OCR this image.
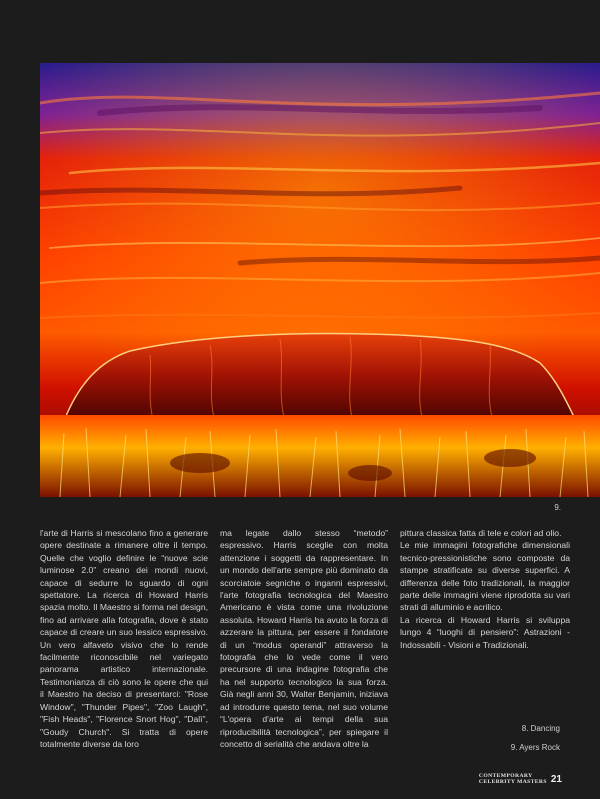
9.

l'arte di Harris si mescolano fino a generare opere destinate a rimanere oltre il tempo. Quelle che voglio definire le “nuove scie luminose 2.0” creano dei mondi nuovi, capace di sedurre lo sguardo di ogni spettatore. La ricerca di Howard Harris spazia molto. Il Maestro si forma nel design, fino ad arrivare alla fotografia, dove è stato capace di creare un suo lessico espressivo. Un vero alfaveto visivo che lo rende facilmente riconoscibile nel variegato panorama artistico internazionale. Testimonianza di ciò sono le opere che qui il Maestro ha deciso di presentarci: "Rose Window", "Thunder Pipes", "Zoo Laugh", "Fish Heads", "Florence Snort Hog", "Dalì", "Goudy Church". Si tratta di opere totalmente diverse da loro

ma legate dallo stesso “metodo” espressivo. Harris sceglie con molta attenzione i soggetti da rappresentare. In un mondo dell'arte sempre più dominato da scorciatoie segniche o inganni espressivi, l'arte fotografia tecnologica del Maestro Americano è vista come una rivoluzione assoluta. Howard Harris ha avuto la forza di azzerare la pittura, per essere il fondatore di un “modus operandi” attraverso la fotografia che lo vede come il vero precursore di una indagine fotografia che ha nel supporto tecnologico la sua forza. Già negli anni 30, Walter Benjamin, iniziava ad introdurre questo tema, nel suo volume “L'opera d'arte ai tempi della sua riproducibilità tecnologica”, per spiegare il concetto di serialità che andava oltre la

pittura classica fatta di tele e colori ad olio.

Le mie immagini fotografiche dimensionali tecnico-pressionistiche sono composte da stampe stratificate su diverse superfici. A differenza delle foto tradizionali, la maggior parte delle immagini viene riprodotta su vari strati di alluminio e acrilico.

La ricerca di Howard Harris si sviluppa lungo 4 “luoghi di pensiero”: Astrazioni - Indossabili - Visioni e Tradizionali.

8. Dancing
9. Ayers Rock
CONTEMPORARY
CELEBRITY MASTERS 21
